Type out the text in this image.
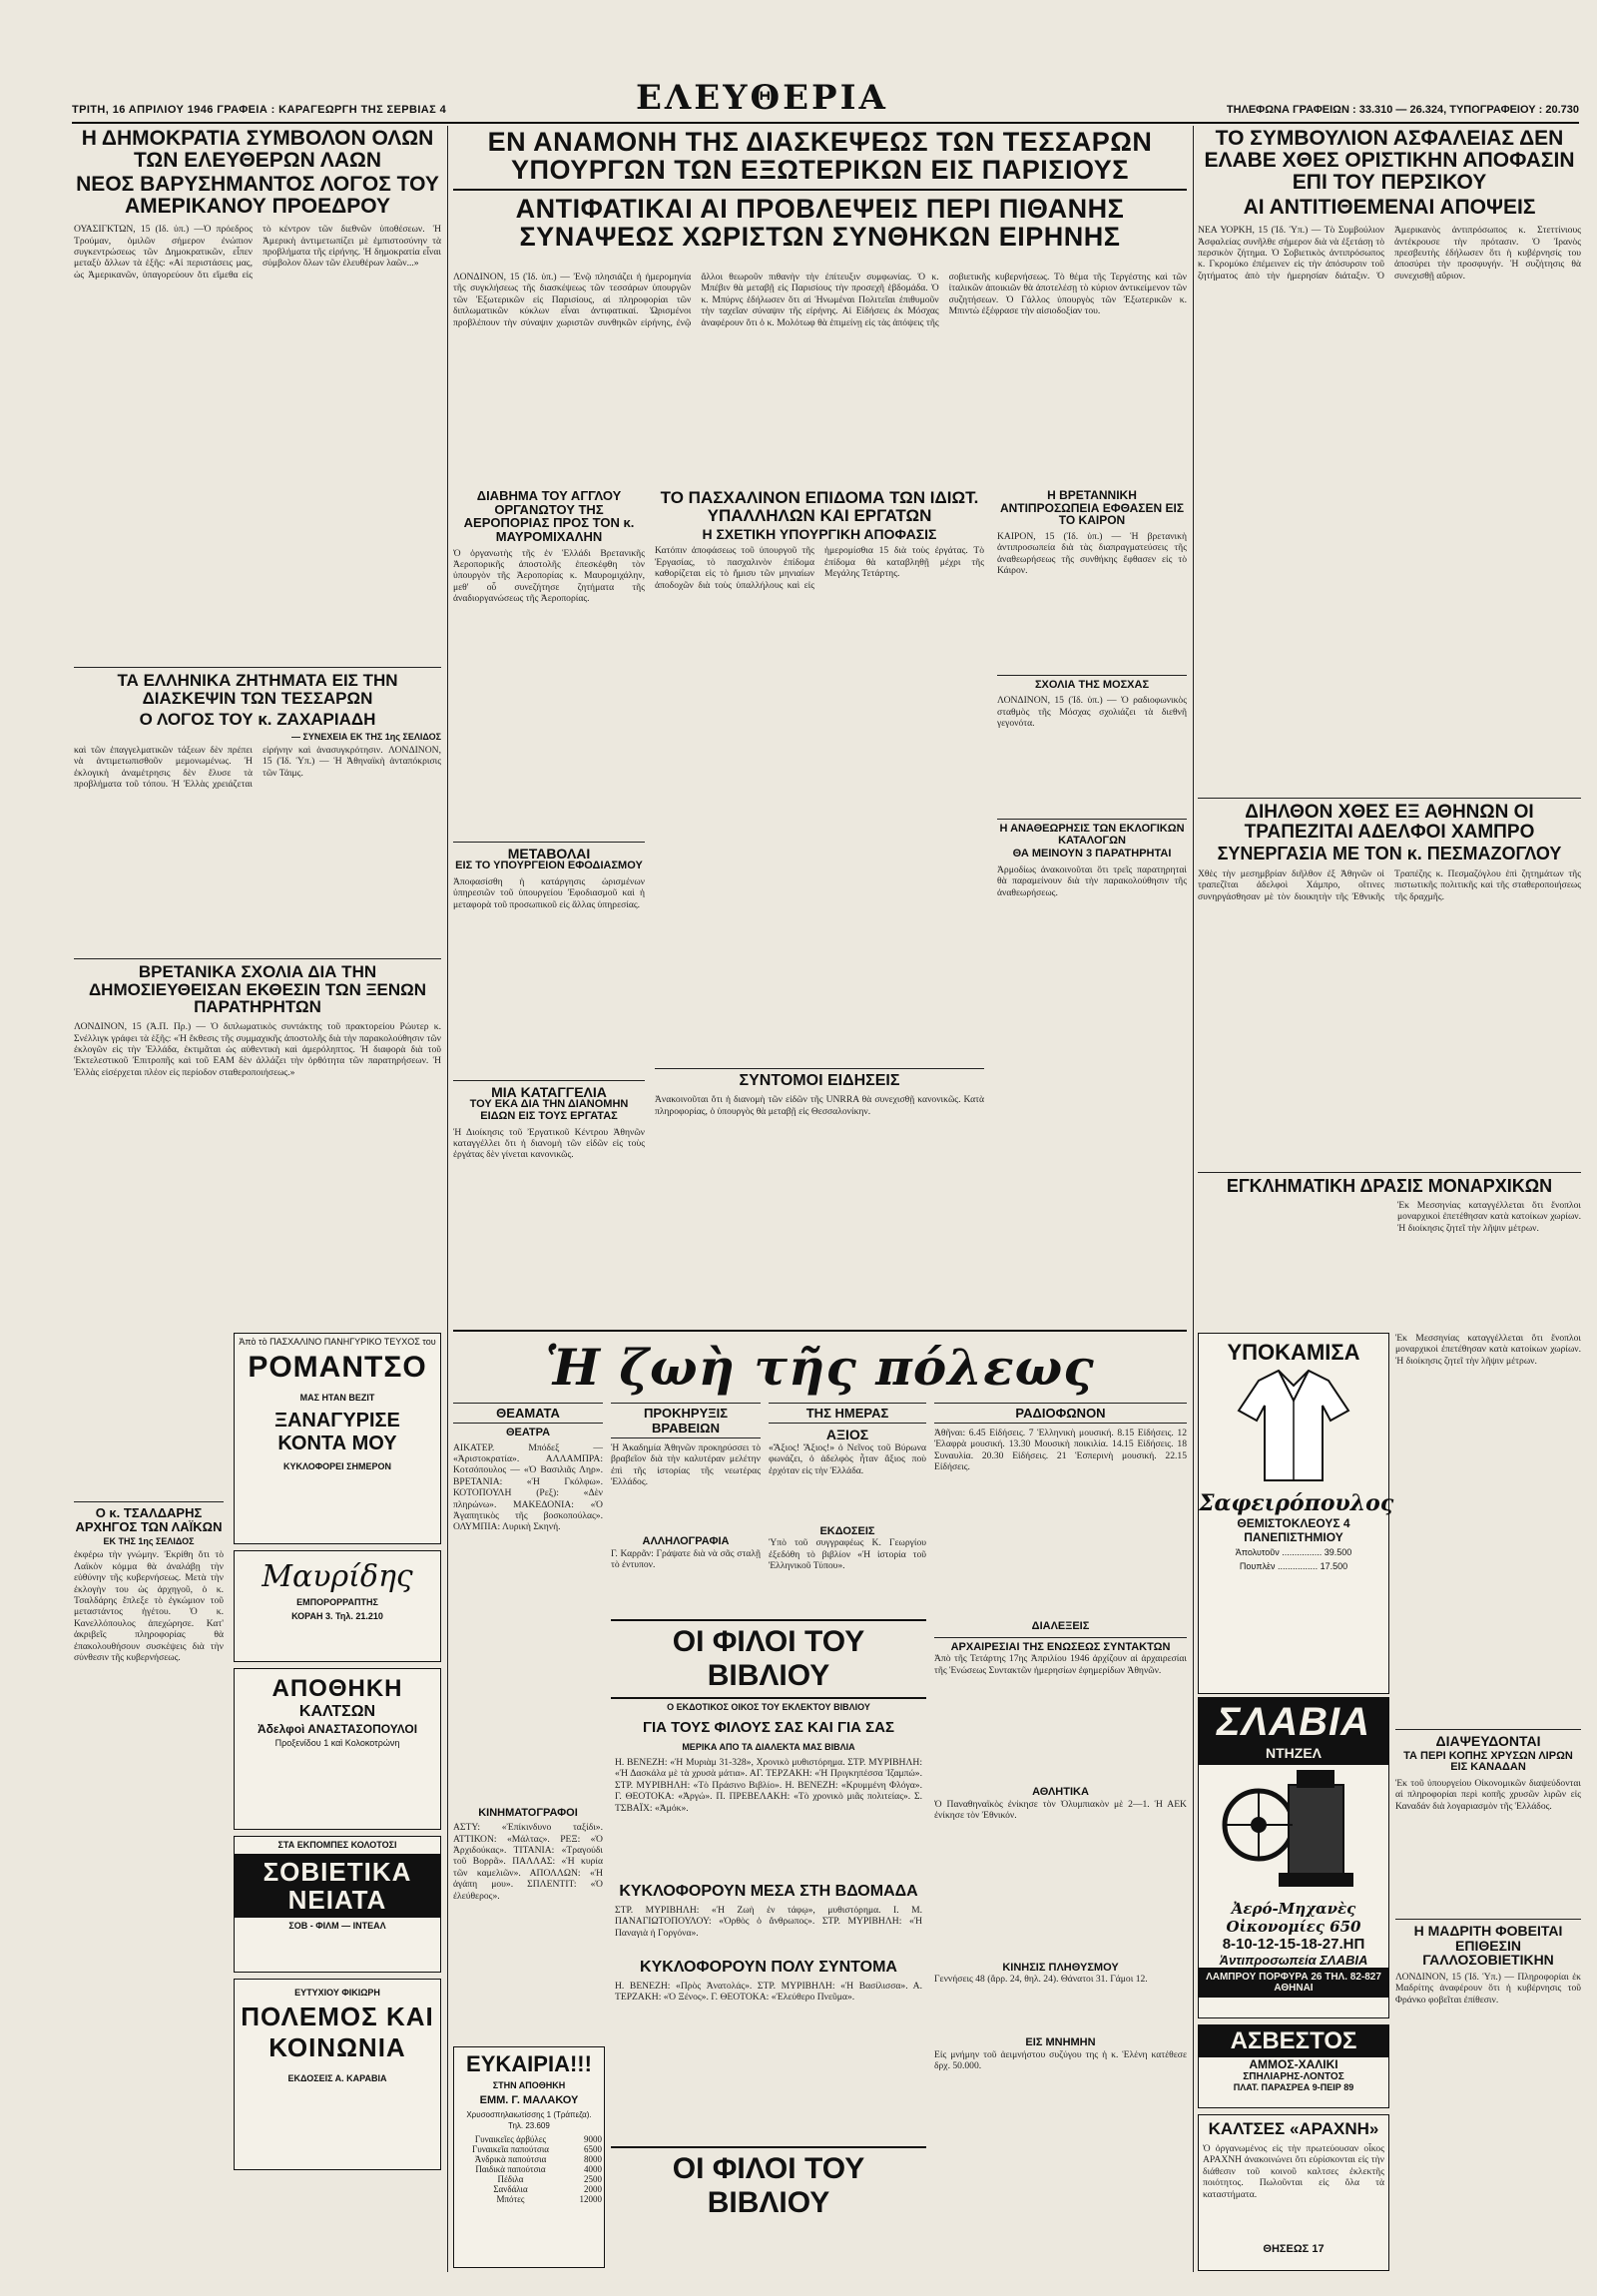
ΤΡΙΤΗ, 16 ΑΠΡΙΛΙΟΥ 1946 ΓΡΑΦΕΙΑ : ΚΑΡΑΓΕΩΡΓΗ ΤΗΣ ΣΕΡΒΙΑΣ 4	ΕΛΕΥΘΕΡΙΑ	ΤΗΛΕΦΩΝΑ ΓΡΑΦΕΙΩΝ : 33.310 — 26.324, ΤΥΠΟΓΡΑΦΕΙΟΥ : 20.730
Η ΔΗΜΟΚΡΑΤΙΑ ΣΥΜΒΟΛΟΝ ΟΛΩΝ ΤΩΝ ΕΛΕΥΘΕΡΩΝ ΛΑΩΝ
ΝΕΟΣ ΒΑΡΥΣΗΜΑΝΤΟΣ ΛΟΓΟΣ ΤΟΥ ΑΜΕΡΙΚΑΝΟΥ ΠΡΟΕΔΡΟΥ
ΟΥΑΣΙΓΚΤΩΝ, 15 (Ιδ. ὑπ.) —Ὁ πρόεδρος Τρούμαν, ὁμιλῶν σήμερον ἐνώπιον συγκεντρώσεως τῶν Δημοκρατικῶν, εἶπεν μεταξὺ ἄλλων τὰ ἑξῆς: «Αἱ περιστάσεις μας, ὡς Ἀμερικανῶν, ὑπαγορεύουν ὅτι εἴμεθα εἰς τὸ κέντρον τῶν διεθνῶν ὑποθέσεων. Ἡ Ἀμερικὴ ἀντιμετωπίζει μὲ ἐμπιστοσύνην τὰ προβλήματα τῆς εἰρήνης. Ἡ δημοκρατία εἶναι σύμβολον ὅλων τῶν ἐλευθέρων λαῶν...»
ΤΑ ΕΛΛΗΝΙΚΑ ΖΗΤΗΜΑΤΑ ΕΙΣ ΤΗΝ ΔΙΑΣΚΕΨΙΝ ΤΩΝ ΤΕΣΣΑΡΩΝ
Ο ΛΟΓΟΣ ΤΟΥ κ. ΖΑΧΑΡΙΑΔΗ
— ΣΥΝΕΧΕΙΑ ΕΚ ΤΗΣ 1ης ΣΕΛΙΔΟΣ
καὶ τῶν ἐπαγγελματικῶν τάξεων δὲν πρέπει νὰ ἀντιμετωπισθοῦν μεμονωμένως. Ἡ ἐκλογικὴ ἀναμέτρησις δὲν ἔλυσε τὰ προβλήματα τοῦ τόπου. Ἡ Ἑλλὰς χρειάζεται εἰρήνην καὶ ἀνασυγκρότησιν. ΛΟΝΔΙΝΟΝ, 15 (Ἰδ. Ὑπ.) — Ἡ Ἀθηναϊκὴ ἀνταπόκρισις τῶν Τάιμς.
ΒΡΕΤΑΝΙΚΑ ΣΧΟΛΙΑ ΔΙΑ ΤΗΝ ΔΗΜΟΣΙΕΥΘΕΙΣΑΝ ΕΚΘΕΣΙΝ ΤΩΝ ΞΕΝΩΝ ΠΑΡΑΤΗΡΗΤΩΝ
ΛΟΝΔΙΝΟΝ, 15 (Ἀ.Π. Πρ.) — Ὁ διπλωματικὸς συντάκτης τοῦ πρακτορείου Ρώυτερ κ. Σνέλλιγκ γράφει τὰ ἑξῆς: «Ἡ ἔκθεσις τῆς συμμαχικῆς ἀποστολῆς διὰ τὴν παρακολούθησιν τῶν ἐκλογῶν εἰς τὴν Ἑλλάδα, ἐκτιμᾶται ὡς αὐθεντικὴ καὶ ἀμερόληπτος. Ἡ διαφορὰ διὰ τοῦ Ἐκτελεστικοῦ Ἐπιτροπῆς καὶ τοῦ ΕΑΜ δὲν ἀλλάζει τὴν ὀρθότητα τῶν παρατηρήσεων. Ἡ Ἑλλὰς εἰσέρχεται πλέον εἰς περίοδον σταθεροποιήσεως.»
Ο κ. ΤΣΑΛΔΑΡΗΣ ΑΡΧΗΓΟΣ ΤΩΝ ΛΑΪΚΩΝ
ΕΚ ΤΗΣ 1ης ΣΕΛΙΔΟΣ
ἐκφέρω τὴν γνώμην. Ἐκρίθη ὅτι τὸ Λαϊκὸν κόμμα θὰ ἀναλάβῃ τὴν εὐθύνην τῆς κυβερνήσεως. Μετὰ τὴν ἐκλογὴν του ὡς ἀρχηγοῦ, ὁ κ. Τσαλδάρης ἔπλεξε τὸ ἐγκώμιον τοῦ μεταστάντος ἡγέτου. Ὁ κ. Κανελλόπουλος ἀπεχώρησε. Κατ' ἀκριβεῖς πληροφορίας θὰ ἐπακολουθήσουν συσκέψεις διὰ τὴν σύνθεσιν τῆς κυβερνήσεως.
Ἀπὸ τὸ ΠΑΣΧΑΛΙΝΟ ΠΑΝΗΓΥΡΙΚΟ ΤΕΥΧΟΣ του
ΡΟΜΑΝΤΣΟ
ΜΑΣ ΗΤΑΝ ΒΕΖΙΤ
ΞΑΝΑΓΥΡΙΣΕ ΚΟΝΤΑ ΜΟΥ
ΚΥΚΛΟΦΟΡΕΙ ΣΗΜΕΡΟΝ
Μαυρίδης
ΕΜΠΟΡΟΡΡΑΠΤΗΣ
ΚΟΡΑΗ 3. Τηλ. 21.210
ΑΠΟΘΗΚΗ
ΚΑΛΤΣΩΝ
Ἀδελφοὶ ΑΝΑΣΤΑΣΟΠΟΥΛΟΙ
Προξενίδου 1 καὶ Κολοκοτρώνη
ΣΤΑ ΕΚΠΟΜΠΕΣ ΚΟΛΟΤΟΣΙ
ΣΟΒΙΕΤΙΚΑ ΝΕΙΑΤΑ
ΣΟΒ - ΦΙΛΜ — ΙΝΤΕΑΛ
ΕΥΤΥΧΙΟΥ ΦΙΚΙΩΡΗ
ΠΟΛΕΜΟΣ ΚΑΙ ΚΟΙΝΩΝΙΑ
ΕΚΔΟΣΕΙΣ Α. ΚΑΡΑΒΙΑ
ΕΝ ΑΝΑΜΟΝΗ ΤΗΣ ΔΙΑΣΚΕΨΕΩΣ ΤΩΝ ΤΕΣΣΑΡΩΝ ΥΠΟΥΡΓΩΝ ΤΩΝ ΕΞΩΤΕΡΙΚΩΝ ΕΙΣ ΠΑΡΙΣΙΟΥΣ
ΑΝΤΙΦΑΤΙΚΑΙ ΑΙ ΠΡΟΒΛΕΨΕΙΣ ΠΕΡΙ ΠΙΘΑΝΗΣ ΣΥΝΑΨΕΩΣ ΧΩΡΙΣΤΩΝ ΣΥΝΘΗΚΩΝ ΕΙΡΗΝΗΣ
ΛΟΝΔΙΝΟΝ, 15 (Ἰδ. ὑπ.) — Ἐνῷ πλησιάζει ἡ ἡμερομηνία τῆς συγκλήσεως τῆς διασκέψεως τῶν τεσσάρων ὑπουργῶν τῶν Ἐξωτερικῶν εἰς Παρισίους, αἱ πληροφορίαι τῶν διπλωματικῶν κύκλων εἶναι ἀντιφατικαί. Ὡρισμένοι προβλέπουν τὴν σύναψιν χωριστῶν συνθηκῶν εἰρήνης, ἐνῷ ἄλλοι θεωροῦν πιθανὴν τὴν ἐπίτευξιν συμφωνίας. Ὁ κ. Μπέβιν θὰ μεταβῇ εἰς Παρισίους τὴν προσεχῆ ἑβδομάδα. Ὁ κ. Μπύρνς ἐδήλωσεν ὅτι αἱ Ἡνωμέναι Πολιτεῖαι ἐπιθυμοῦν τὴν ταχεῖαν σύναψιν τῆς εἰρήνης. Αἱ Εἰδήσεις ἐκ Μόσχας ἀναφέρουν ὅτι ὁ κ. Μολότωφ θὰ ἐπιμείνῃ εἰς τὰς ἀπόψεις τῆς σοβιετικῆς κυβερνήσεως. Τὸ θέμα τῆς Τεργέστης καὶ τῶν ἰταλικῶν ἀποικιῶν θὰ ἀποτελέσῃ τὸ κύριον ἀντικείμενον τῶν συζητήσεων. Ὁ Γάλλος ὑπουργὸς τῶν Ἐξωτερικῶν κ. Μπιντὼ ἐξέφρασε τὴν αἰσιοδοξίαν του.
ΔΙΑΒΗΜΑ ΤΟΥ ΑΓΓΛΟΥ ΟΡΓΑΝΩΤΟΥ ΤΗΣ ΑΕΡΟΠΟΡΙΑΣ ΠΡΟΣ ΤΟΝ κ. ΜΑΥΡΟΜΙΧΑΛΗΝ
Ὁ ὀργανωτὴς τῆς ἐν Ἑλλάδι Βρετανικῆς Ἀεροπορικῆς ἀποστολῆς ἐπεσκέφθη τὸν ὑπουργὸν τῆς Ἀεροπορίας κ. Μαυρομιχάλην, μεθ' οὗ συνεζήτησε ζητήματα τῆς ἀναδιοργανώσεως τῆς Ἀεροπορίας.
ΜΕΤΑΒΟΛΑΙ
ΕΙΣ ΤΟ ΥΠΟΥΡΓΕΙΟΝ ΕΦΟΔΙΑΣΜΟΥ
Ἀποφασίσθη ἡ κατάργησις ὡρισμένων ὑπηρεσιῶν τοῦ ὑπουργείου Ἐφοδιασμοῦ καὶ ἡ μεταφορὰ τοῦ προσωπικοῦ εἰς ἄλλας ὑπηρεσίας.
ΜΙΑ ΚΑΤΑΓΓΕΛΙΑ
ΤΟΥ ΕΚΑ ΔΙΑ ΤΗΝ ΔΙΑΝΟΜΗΝ ΕΙΔΩΝ ΕΙΣ ΤΟΥΣ ΕΡΓΑΤΑΣ
Ἡ Διοίκησις τοῦ Ἐργατικοῦ Κέντρου Ἀθηνῶν καταγγέλλει ὅτι ἡ διανομὴ τῶν εἰδῶν εἰς τοὺς ἐργάτας δὲν γίνεται κανονικῶς.
ΤΟ ΠΑΣΧΑΛΙΝΟΝ ΕΠΙΔΟΜΑ ΤΩΝ ΙΔΙΩΤ. ΥΠΑΛΛΗΛΩΝ ΚΑΙ ΕΡΓΑΤΩΝ
Η ΣΧΕΤΙΚΗ ΥΠΟΥΡΓΙΚΗ ΑΠΟΦΑΣΙΣ
Κατόπιν ἀποφάσεως τοῦ ὑπουργοῦ τῆς Ἐργασίας, τὸ πασχαλινὸν ἐπίδομα καθορίζεται εἰς τὸ ἥμισυ τῶν μηνιαίων ἀποδοχῶν διὰ τοὺς ὑπαλλήλους καὶ εἰς ἡμερομίσθια 15 διὰ τοὺς ἐργάτας. Τὸ ἐπίδομα θὰ καταβληθῇ μέχρι τῆς Μεγάλης Τετάρτης.
ΣΥΝΤΟΜΟΙ ΕΙΔΗΣΕΙΣ
Ἀνακοινοῦται ὅτι ἡ διανομὴ τῶν εἰδῶν τῆς UNRRA θὰ συνεχισθῇ κανονικῶς. Κατὰ πληροφορίας, ὁ ὑπουργὸς θὰ μεταβῇ εἰς Θεσσαλονίκην.
Η ΒΡΕΤΑΝΝΙΚΗ ΑΝΤΙΠΡΟΣΩΠΕΙΑ ΕΦΘΑΣΕΝ ΕΙΣ ΤΟ ΚΑΙΡΟΝ
ΚΑΙΡΟΝ, 15 (Ἰδ. ὑπ.) — Ἡ βρετανικὴ ἀντιπροσωπεία διὰ τὰς διαπραγματεύσεις τῆς ἀναθεωρήσεως τῆς συνθήκης ἔφθασεν εἰς τὸ Κάιρον.
ΣΧΟΛΙΑ ΤΗΣ ΜΟΣΧΑΣ
ΛΟΝΔΙΝΟΝ, 15 (Ἰδ. ὑπ.) — Ὁ ραδιοφωνικὸς σταθμὸς τῆς Μόσχας σχολιάζει τὰ διεθνῆ γεγονότα.
Η ΑΝΑΘΕΩΡΗΣΙΣ ΤΩΝ ΕΚΛΟΓΙΚΩΝ ΚΑΤΑΛΟΓΩΝ
ΘΑ ΜΕΙΝΟΥΝ 3 ΠΑΡΑΤΗΡΗΤΑΙ
Ἀρμοδίως ἀνακοινοῦται ὅτι τρεῖς παρατηρηταὶ θὰ παραμείνουν διὰ τὴν παρακολούθησιν τῆς ἀναθεωρήσεως.
Ἡ ζωὴ τῆς πόλεως
ΘΕΑΜΑΤΑ
ΘΕΑΤΡΑ
ΑΙΚΑΤΕΡ. Μπόδεξ — «Ἀριστοκρατία». ΑΛΛΑΜΠΡΑ: Κοτσόπουλος — «Ὁ Βασιλιᾶς Ληρ». ΒΡΕΤΑΝΙΑ: «Ἡ Γκόλφω». ΚΟΤΟΠΟΥΛΗ (Ρεξ): «Δὲν πληρώνω». ΜΑΚΕΔΟΝΙΑ: «Ὁ Ἀγαπητικὸς τῆς βοσκοπούλας». ΟΛΥΜΠΙΑ: Λυρικὴ Σκηνή.
ΚΙΝΗΜΑΤΟΓΡΑΦΟΙ
ΑΣΤΥ: «Ἐπίκινδυνο ταξίδι». ΑΤΤΙΚΟΝ: «Μάλτας». ΡΕΞ: «Ὁ Ἀρχιδούκας». ΤΙΤΑΝΙΑ: «Τραγούδι τοῦ Βορρᾶ». ΠΑΛΛΑΣ: «Ἡ κυρία τῶν καμελιῶν». ΑΠΟΛΛΩΝ: «Ἡ ἀγάπη μου». ΣΠΛΕΝΤΙΤ: «Ὁ ἐλεύθερος».
ΠΡΟΚΗΡΥΞΙΣ ΒΡΑΒΕΙΩΝ
Ἡ Ἀκαδημία Ἀθηνῶν προκηρύσσει τὸ βραβεῖον διὰ τὴν καλυτέραν μελέτην ἐπὶ τῆς ἱστορίας τῆς νεωτέρας Ἑλλάδος.
ΑΛΛΗΛΟΓΡΑΦΙΑ
Γ. Καρρᾶν: Γράψατε διὰ νὰ σᾶς σταλῇ τὸ ἐντυπον.
ΤΗΣ ΗΜΕΡΑΣ
ΑΞΙΟΣ
«Ἄξιος! Ἄξιος!» ὁ Νεῖνος τοῦ Βύρωνα φωνάζει, ὁ ἀδελφὸς ἦταν ἄξιος ποὺ ἐρχόταν εἰς τὴν Ἑλλάδα.
ΕΚΔΟΣΕΙΣ
Ὑπὸ τοῦ συγγραφέως Κ. Γεωργίου ἐξεδόθη τὸ βιβλίον «Ἡ ἱστορία τοῦ Ἑλληνικοῦ Τύπου».
ΟΙ ΦΙΛΟΙ ΤΟΥ ΒΙΒΛΙΟΥ
Ο ΕΚΔΟΤΙΚΟΣ ΟΙΚΟΣ ΤΟΥ ΕΚΛΕΚΤΟΥ ΒΙΒΛΙΟΥ
ΓΙΑ ΤΟΥΣ ΦΙΛΟΥΣ ΣΑΣ ΚΑΙ ΓΙΑ ΣΑΣ
ΜΕΡΙΚΑ ΑΠΟ ΤΑ ΔΙΑΛΕΚΤΑ ΜΑΣ ΒΙΒΛΙΑ
Η. ΒΕΝΕΖΗ: «Ἡ Μυριὰμ 31-328», Χρονικὸ μυθιστόρημα. ΣΤΡ. ΜΥΡΙΒΗΛΗ: «Ἡ Δασκάλα μὲ τὰ χρυσὰ μάτια». ΑΓ. ΤΕΡΖΑΚΗ: «Ἡ Πριγκηπέσσα Ἰζαμπώ». ΣΤΡ. ΜΥΡΙΒΗΛΗ: «Τὸ Πράσινο Βιβλίο». Η. ΒΕΝΕΖΗ: «Κρυμμένη Φλόγα». Γ. ΘΕΟΤΟΚΑ: «Ἀργώ». Π. ΠΡΕΒΕΛΑΚΗ: «Τὸ χρονικὸ μιᾶς πολιτείας». Σ. ΤΣΒΑΪΧ: «Ἀμόκ».
ΚΥΚΛΟΦΟΡΟΥΝ ΜΕΣΑ ΣΤΗ ΒΔΟΜΑΔΑ
ΣΤΡ. ΜΥΡΙΒΗΛΗ: «Ἡ Ζωὴ ἐν τάφῳ», μυθιστόρημα. Ι. Μ. ΠΑΝΑΓΙΩΤΟΠΟΥΛΟΥ: «Ὀρθὸς ὁ ἄνθρωπος». ΣΤΡ. ΜΥΡΙΒΗΛΗ: «Ἡ Παναγιὰ ἡ Γοργόνα».
ΚΥΚΛΟΦΟΡΟΥΝ ΠΟΛΥ ΣΥΝΤΟΜΑ
Η. ΒΕΝΕΖΗ: «Πρὸς Ἀνατολάς». ΣΤΡ. ΜΥΡΙΒΗΛΗ: «Ἡ Βασίλισσα». Α. ΤΕΡΖΑΚΗ: «Ὁ Ξένος». Γ. ΘΕΟΤΟΚΑ: «Ἐλεύθερο Πνεῦμα».
ΟΙ ΦΙΛΟΙ ΤΟΥ ΒΙΒΛΙΟΥ
ΡΑΔΙΟΦΩΝΟΝ
Ἀθῆναι: 6.45 Εἰδήσεις. 7 Ἑλληνικὴ μουσική. 8.15 Εἰδήσεις. 12 Ἐλαφρὰ μουσική. 13.30 Μουσικὴ ποικιλία. 14.15 Εἰδήσεις. 18 Συναυλία. 20.30 Εἰδήσεις. 21 Ἑσπερινὴ μουσική. 22.15 Εἰδήσεις.
ΔΙΑΛΕΞΕΙΣ
ΑΡΧΑΙΡΕΣΙΑΙ ΤΗΣ ΕΝΩΣΕΩΣ ΣΥΝΤΑΚΤΩΝ
Ἀπὸ τῆς Τετάρτης 17ης Ἀπριλίου 1946 ἀρχίζουν αἱ ἀρχαιρεσίαι τῆς Ἑνώσεως Συντακτῶν ἡμερησίων ἐφημερίδων Ἀθηνῶν.
ΑΘΛΗΤΙΚΑ
Ὁ Παναθηναϊκὸς ἐνίκησε τὸν Ὀλυμπιακὸν μὲ 2—1. Ἡ ΑΕΚ ἐνίκησε τὸν Ἐθνικόν.
ΚΙΝΗΣΙΣ ΠΛΗΘΥΣΜΟΥ
Γεννήσεις 48 (ἄρρ. 24, θηλ. 24). Θάνατοι 31. Γάμοι 12.
ΕΙΣ ΜΝΗΜΗΝ
Εἰς μνήμην τοῦ ἀειμνήστου συζύγου της ἡ κ. Ἑλένη κατέθεσε δρχ. 50.000.
ΕΥΚΑΙΡΙΑ!!!
ΣΤΗΝ ΑΠΟΘΗΚΗ
ΕΜΜ. Γ. ΜΑΛΑΚΟΥ
Χρυσοσπηλαιωτίσσης 1 (Τράπεζα). Τηλ. 23.609
Γυναικεῖες ἀρβύλες	9000
Γυναικεῖα παπούτσια	6500
Ἀνδρικὰ παπούτσια	8000
Παιδικὰ παπούτσια	4000
Πέδιλα	2500
Σανδάλια	2000
Μπότες	12000
ΤΟ ΣΥΜΒΟΥΛΙΟΝ ΑΣΦΑΛΕΙΑΣ ΔΕΝ ΕΛΑΒΕ ΧΘΕΣ ΟΡΙΣΤΙΚΗΝ ΑΠΟΦΑΣΙΝ ΕΠΙ ΤΟΥ ΠΕΡΣΙΚΟΥ
ΑΙ ΑΝΤΙΤΙΘΕΜΕΝΑΙ ΑΠΟΨΕΙΣ
ΝΕΑ ΥΟΡΚΗ, 15 (Ἰδ. Ὑπ.) — Τὸ Συμβούλιον Ἀσφαλείας συνῆλθε σήμερον διὰ νὰ ἐξετάσῃ τὸ περσικὸν ζήτημα. Ὁ Σοβιετικὸς ἀντιπρόσωπος κ. Γκρομύκο ἐπέμεινεν εἰς τὴν ἀπόσυρσιν τοῦ ζητήματος ἀπὸ τὴν ἡμερησίαν διάταξιν. Ὁ Ἀμερικανὸς ἀντιπρόσωπος κ. Στεττίνιους ἀντέκρουσε τὴν πρότασιν. Ὁ Ἰρανὸς πρεσβευτὴς ἐδήλωσεν ὅτι ἡ κυβέρνησίς του ἀποσύρει τὴν προσφυγήν. Ἡ συζήτησις θὰ συνεχισθῇ αὔριον.
ΔΙΗΛΘΟΝ ΧΘΕΣ ΕΞ ΑΘΗΝΩΝ ΟΙ ΤΡΑΠΕΖΙΤΑΙ ΑΔΕΛΦΟΙ ΧΑΜΠΡΟ
ΣΥΝΕΡΓΑΣΙΑ ΜΕ ΤΟΝ κ. ΠΕΣΜΑΖΟΓΛΟΥ
Χθὲς τὴν μεσημβρίαν διῆλθον ἐξ Ἀθηνῶν οἱ τραπεζῖται ἀδελφοὶ Χάμπρο, οἵτινες συνηργάσθησαν μὲ τὸν διοικητὴν τῆς Ἐθνικῆς Τραπέζης κ. Πεσμαζόγλου ἐπὶ ζητημάτων τῆς πιστωτικῆς πολιτικῆς καὶ τῆς σταθεροποιήσεως τῆς δραχμῆς.
ΕΓΚΛΗΜΑΤΙΚΗ ΔΡΑΣΙΣ ΜΟΝΑΡΧΙΚΩΝ
Ἐκ Μεσσηνίας καταγγέλλεται ὅτι ἔνοπλοι μοναρχικοὶ ἐπετέθησαν κατὰ κατοίκων χωρίων. Ἡ διοίκησις ζητεῖ τὴν λῆψιν μέτρων.
ΥΠΟΚΑΜΙΣΑ
Σαφειρόπουλος
ΘΕΜΙΣΤΟΚΛΕΟΥΣ 4
ΠΑΝΕΠΙΣΤΗΜΙΟΥ
Ἀπολυτοῦν ................ 39.500
Πουπλὲν ................ 17.500
Ἐκ Μεσσηνίας καταγγέλλεται ὅτι ἔνοπλοι μοναρχικοὶ ἐπετέθησαν κατὰ κατοίκων χωρίων. Ἡ διοίκησις ζητεῖ τὴν λῆψιν μέτρων.
ΣΛΑΒΙΑ ΝΤΗΖΕΛ
Ἀερό-Μηχανὲς Οἰκονομίες 650
8-10-12-15-18-27.ΗΠ
Ἀντιπροσωπεία ΣΛΑΒΙΑ
ΛΑΜΠΡΟΥ ΠΟΡΦΥΡΑ 26 ΤΗΛ. 82-827 ΑΘΗΝΑΙ
ΑΣΒΕΣΤΟΣ
ΑΜΜΟΣ-ΧΑΛΙΚΙ
ΣΠΗΛΙΑΡΗΣ-ΛΟΝΤΟΣ
ΠΛΑΤ. ΠΑΡΑΣΡΕΑ 9-ΠΕΙΡ 89
ΚΑΛΤΣΕΣ «ΑΡΑΧΝΗ»
Ὁ ὀργανωμένος εἰς τὴν πρωτεύουσαν οἶκος ΑΡΑΧΝΗ ἀνακοινώνει ὅτι εὑρίσκονται εἰς τὴν διάθεσιν τοῦ κοινοῦ καλτσες ἐκλεκτῆς ποιότητος. Πωλοῦνται εἰς ὅλα τὰ καταστήματα.
ΘΗΣΕΩΣ 17
ΔΙΑΨΕΥΔΟΝΤΑΙ
ΤΑ ΠΕΡΙ ΚΟΠΗΣ ΧΡΥΣΩΝ ΛΙΡΩΝ ΕΙΣ ΚΑΝΑΔΑΝ
Ἐκ τοῦ ὑπουργείου Οἰκονομικῶν διαψεύδονται αἱ πληροφορίαι περὶ κοπῆς χρυσῶν λιρῶν εἰς Καναδάν διὰ λογαριασμὸν τῆς Ἑλλάδος.
Η ΜΑΔΡΙΤΗ ΦΟΒΕΙΤΑΙ ΕΠΙΘΕΣΙΝ ΓΑΛΛΟΣΟΒΙΕΤΙΚΗΝ
ΛΟΝΔΙΝΟΝ, 15 (Ἰδ. Ὑπ.) — Πληροφορίαι ἐκ Μαδρίτης ἀναφέρουν ὅτι ἡ κυβέρνησις τοῦ Φράνκο φοβεῖται ἐπίθεσιν.
